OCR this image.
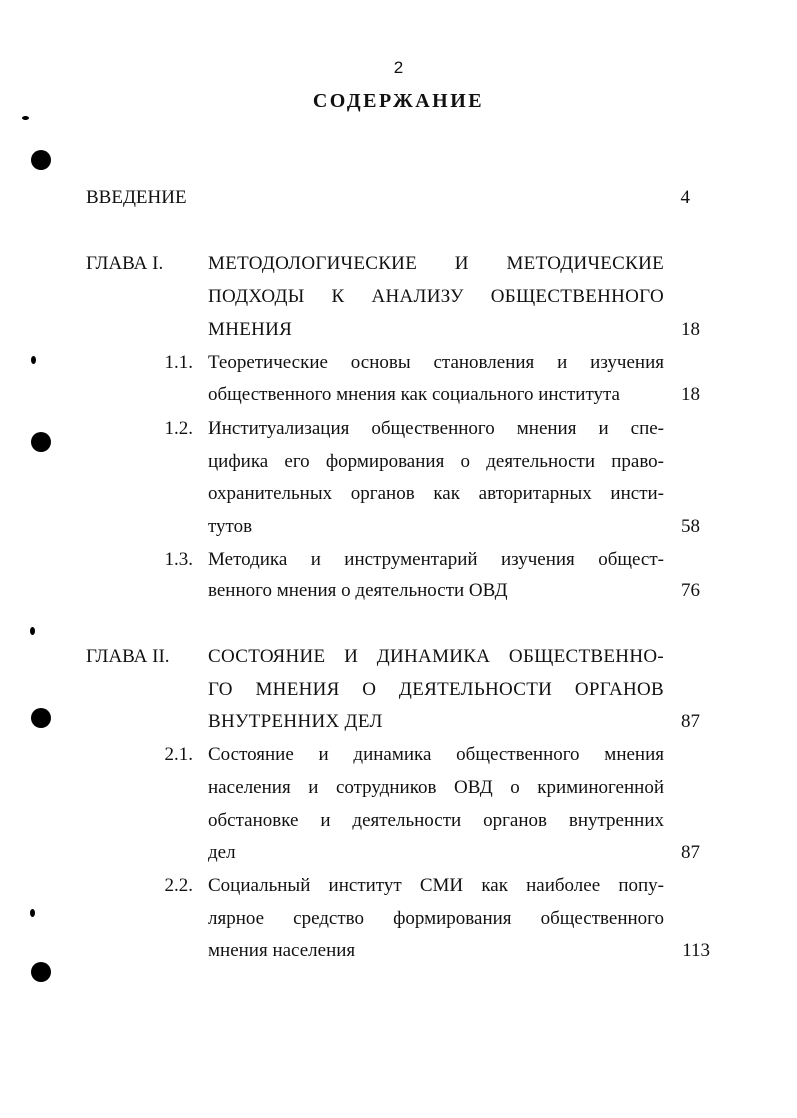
2
СОДЕРЖАНИЕ
ВВЕДЕНИЕ	4
ГЛАВА I. МЕТОДОЛОГИЧЕСКИЕ И МЕТОДИЧЕСКИЕ
ПОДХОДЫ К АНАЛИЗУ ОБЩЕСТВЕННОГО
МНЕНИЯ	18
1.1. Теоретические основы становления и изучения
общественного мнения как социального института	18
1.2. Институализация общественного мнения и спе-
цифика его формирования о деятельности право-
охранительных органов как авторитарных инсти-
тутов	58
1.3. Методика и инструментарий изучения общест-
венного мнения о деятельности ОВД	76
ГЛАВА II. СОСТОЯНИЕ И ДИНАМИКА ОБЩЕСТВЕННО-
ГО МНЕНИЯ О ДЕЯТЕЛЬНОСТИ ОРГАНОВ
ВНУТРЕННИХ ДЕЛ	87
2.1. Состояние и динамика общественного мнения
населения и сотрудников ОВД о криминогенной
обстановке и деятельности органов внутренних
дел	87
2.2. Социальный институт СМИ как наиболее попу-
лярное средство формирования общественного
мнения населения	113
